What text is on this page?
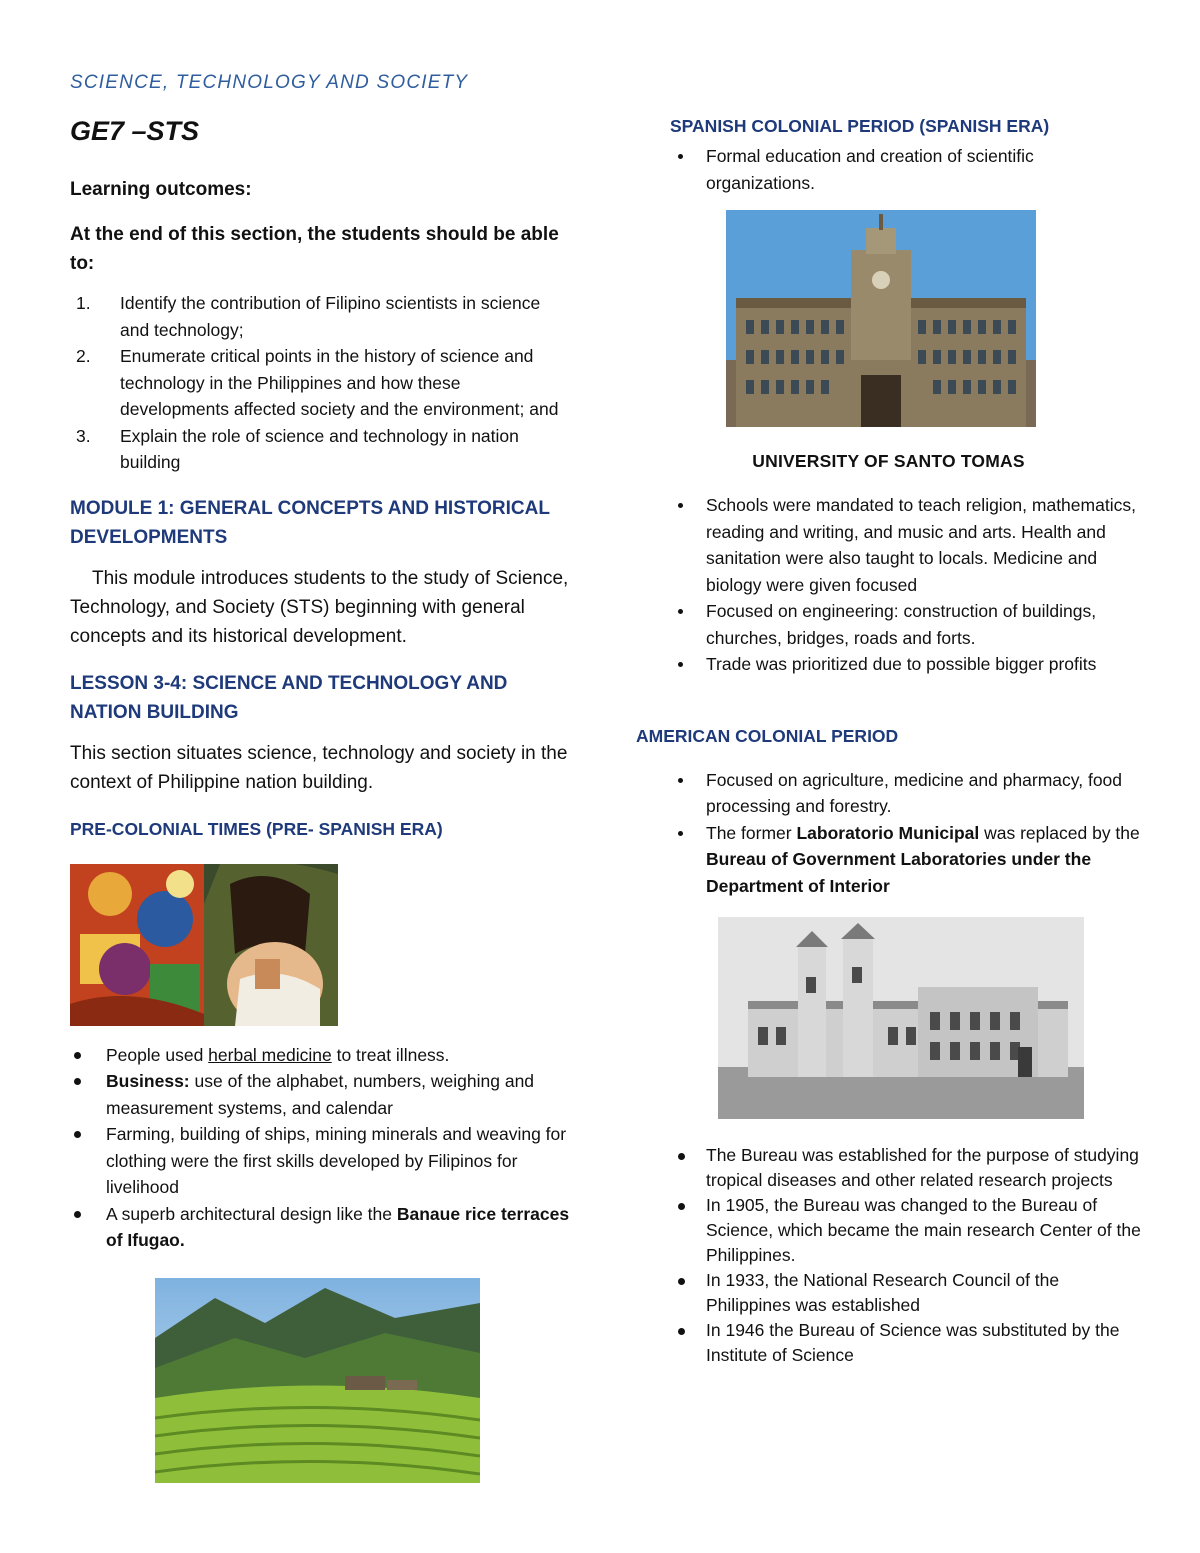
SCIENCE, TECHNOLOGY AND SOCIETY
GE7 –STS
Learning outcomes:
At the end of this section, the students should be able to:
1. Identify the contribution of Filipino scientists in science and technology;
2. Enumerate critical points in the history of science and technology in the Philippines and how these developments affected society and the environment; and
3. Explain the role of science and technology in nation building
MODULE 1: GENERAL CONCEPTS AND HISTORICAL DEVELOPMENTS
This module introduces students to the study of Science, Technology, and Society (STS) beginning with general concepts and its historical development.
LESSON 3-4: SCIENCE AND TECHNOLOGY AND NATION BUILDING
This section situates science, technology and society in the context of Philippine nation building.
PRE-COLONIAL TIMES (PRE- SPANISH ERA)
People used herbal medicine to treat illness.
Business: use of the alphabet, numbers, weighing and measurement systems, and calendar
Farming, building of ships, mining minerals and weaving for clothing were the first skills developed by Filipinos for livelihood
A superb architectural design like the Banaue rice terraces of Ifugao.
SPANISH COLONIAL PERIOD (SPANISH ERA)
Formal education and creation of scientific organizations.
UNIVERSITY OF SANTO TOMAS
Schools were mandated to teach religion, mathematics, reading and writing, and music and arts. Health and sanitation were also taught to locals. Medicine and biology were given focused
Focused on engineering: construction of buildings, churches, bridges, roads and forts.
Trade was prioritized due to possible bigger profits
AMERICAN COLONIAL PERIOD
Focused on agriculture, medicine and pharmacy, food processing and forestry.
The former Laboratorio Municipal was replaced by the Bureau of Government Laboratories under the Department of Interior
The Bureau was established for the purpose of studying tropical diseases and other related research projects
In 1905, the Bureau was changed to the Bureau of Science, which became the main research Center of the Philippines.
In 1933, the National Research Council of the Philippines was established
In 1946 the Bureau of Science was substituted by the Institute of Science
